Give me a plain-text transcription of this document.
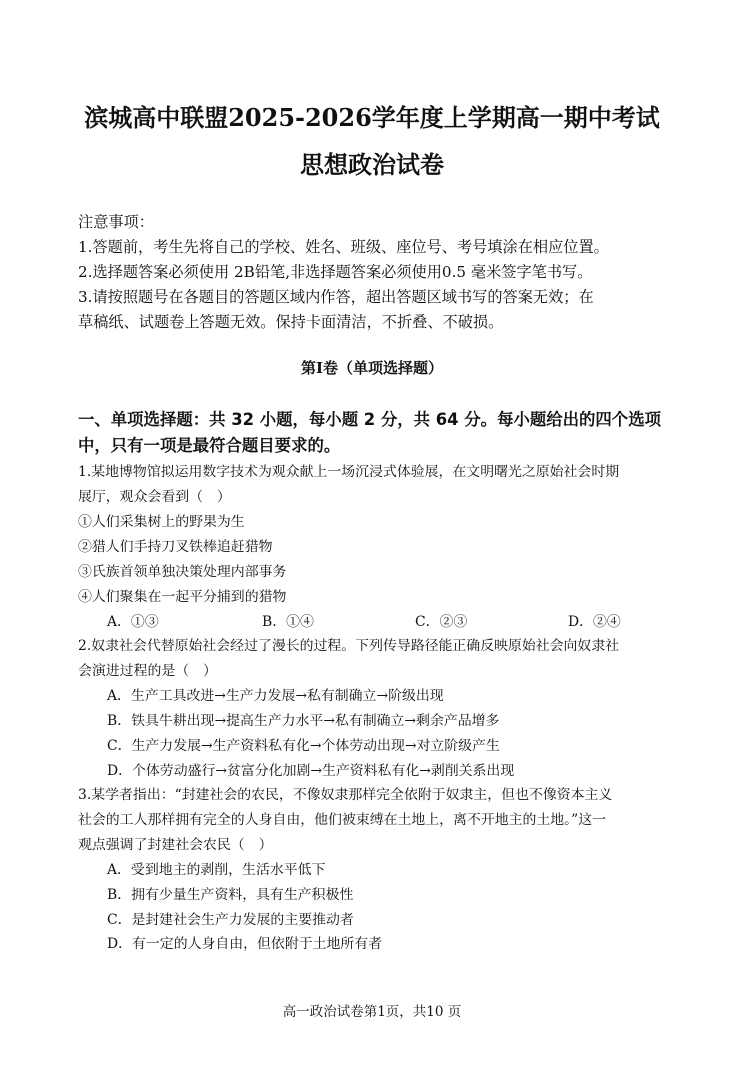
滨城高中联盟2025-2026学年度上学期高一期中考试
思想政治试卷
注意事项：
1.答题前，考生先将自己的学校、姓名、班级、座位号、考号填涂在相应位置。
2.选择题答案必须使用 2B铅笔,非选择题答案必须使用0.5 毫米签字笔书写。
3.请按照题号在各题目的答题区域内作答，超出答题区域书写的答案无效；在
草稿纸、试题卷上答题无效。保持卡面清洁，不折叠、不破损。
第Ⅰ卷（单项选择题）
一、单项选择题：共 32 小题，每小题 2 分，共 64 分。每小题给出的四个选项
中，只有一项是最符合题目要求的。
1.某地博物馆拟运用数字技术为观众献上一场沉浸式体验展，在文明曙光之原始社会时期
展厅，观众会看到（　）
①人们采集树上的野果为生
②猎人们手持刀叉铁棒追赶猎物
③氏族首领单独决策处理内部事务
④人们聚集在一起平分捕到的猎物
A．①③	B．①④	C．②③	D．②④
2.奴隶社会代替原始社会经过了漫长的过程。下列传导路径能正确反映原始社会向奴隶社
会演进过程的是（　）
A．生产工具改进→生产力发展→私有制确立→阶级出现
B．铁具牛耕出现→提高生产力水平→私有制确立→剩余产品增多
C．生产力发展→生产资料私有化→个体劳动出现→对立阶级产生
D．个体劳动盛行→贫富分化加剧→生产资料私有化→剥削关系出现
3.某学者指出：“封建社会的农民，不像奴隶那样完全依附于奴隶主，但也不像资本主义
社会的工人那样拥有完全的人身自由，他们被束缚在土地上，离不开地主的土地。”这一
观点强调了封建社会农民（　）
A．受到地主的剥削，生活水平低下
B．拥有少量生产资料，具有生产积极性
C．是封建社会生产力发展的主要推动者
D．有一定的人身自由，但依附于土地所有者
高一政治试卷第1页，共10 页
